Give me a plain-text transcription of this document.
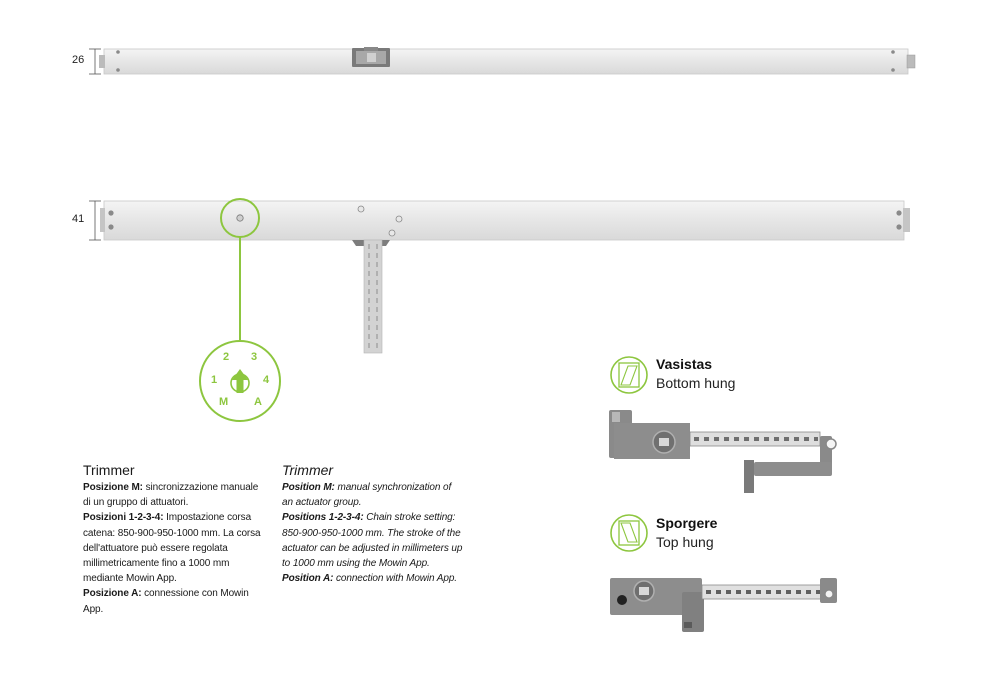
26
41
2 3
1	4
M A
Trimmer
Posizione M: sincronizzazione manuale di un gruppo di attuatori.
Posizioni 1-2-3-4: Impostazione corsa catena: 850-900-950-1000 mm. La corsa dell'attuatore può essere regolata millimetricamente fino a 1000 mm mediante Mowin App.
Posizione A: connessione con Mowin App.
Trimmer
Position M: manual synchronization of an actuator group.
Positions 1-2-3-4: Chain stroke setting: 850-900-950-1000 mm. The stroke of the actuator can be adjusted in millimeters up to 1000 mm using the Mowin App.
Position A: connection with Mowin App.
Vasistas
Bottom hung
Sporgere
Top hung
